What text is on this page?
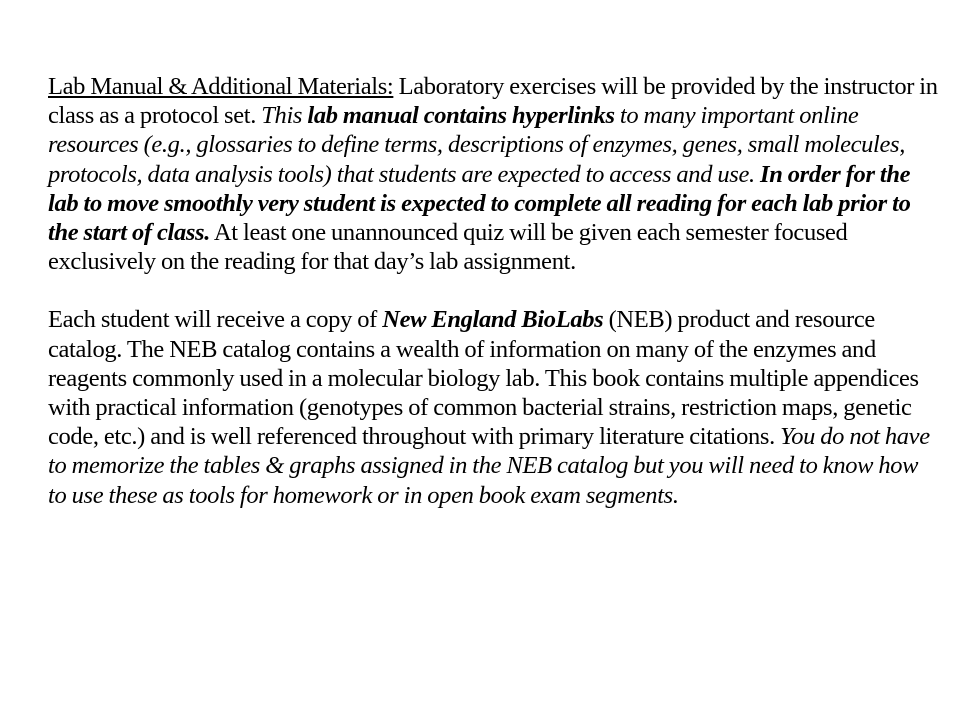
Lab Manual & Additional Materials: Laboratory exercises will be provided by the instructor in class as a protocol set. This lab manual contains hyperlinks to many important online resources (e.g., glossaries to define terms, descriptions of enzymes, genes, small molecules, protocols, data analysis tools) that students are expected to access and use. In order for the lab to move smoothly very student is expected to complete all reading for each lab prior to the start of class. At least one unannounced quiz will be given each semester focused exclusively on the reading for that day’s lab assignment.

Each student will receive a copy of New England BioLabs (NEB) product and resource catalog. The NEB catalog contains a wealth of information on many of the enzymes and reagents commonly used in a molecular biology lab. This book contains multiple appendices with practical information (genotypes of common bacterial strains, restriction maps, genetic code, etc.) and is well referenced throughout with primary literature citations. You do not have to memorize the tables & graphs assigned in the NEB catalog but you will need to know how to use these as tools for homework or in open book exam segments.
